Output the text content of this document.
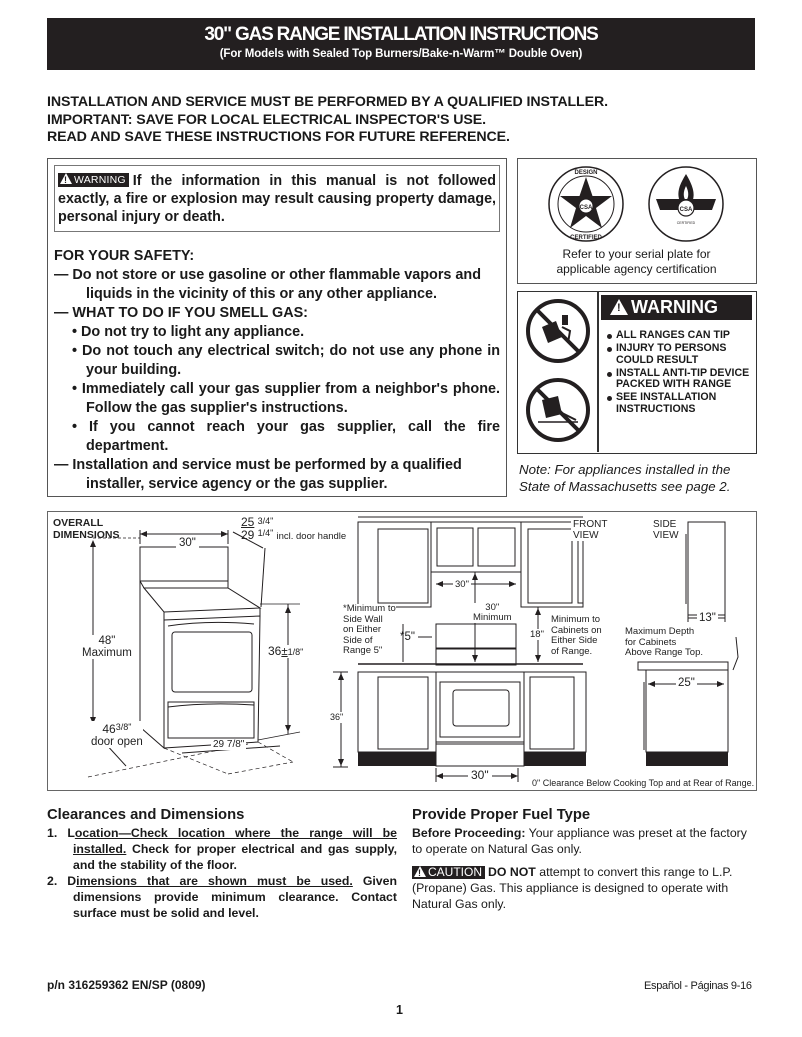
30" GAS RANGE INSTALLATION INSTRUCTIONS
(For Models with Sealed Top Burners/Bake-n-Warm™ Double Oven)
INSTALLATION AND SERVICE MUST BE PERFORMED BY A QUALIFIED INSTALLER.
IMPORTANT: SAVE FOR LOCAL ELECTRICAL INSPECTOR'S USE.
READ AND SAVE THESE INSTRUCTIONS FOR FUTURE REFERENCE.
!WARNING If the information in this manual is not followed exactly, a fire or explosion may result causing property damage, personal injury or death.
FOR YOUR SAFETY:
— Do not store or use gasoline or other flammable vapors and liquids in the vicinity of this or any other appliance.
— WHAT TO DO IF YOU SMELL GAS:
• Do not try to light any appliance.
• Do not touch any electrical switch; do not use any phone in your building.
• Immediately call your gas supplier from a neighbor's phone. Follow the gas supplier's instructions.
• If you cannot reach your gas supplier, call the fire department.
— Installation and service must be performed by a qualified installer, service agency or the gas supplier.
CSA
DESIGN
CERTIFIED
CSA
CERTIFIED
Refer to your serial plate for
applicable agency certification
!
WARNING
ALL RANGES CAN TIP
INJURY TO PERSONS COULD RESULT
INSTALL ANTI-TIP DEVICE PACKED WITH RANGE
SEE INSTALLATION INSTRUCTIONS
Note: For appliances installed in the State of Massachusetts see page 2.
OVERALL
DIMENSIONS
30"
25 3/4"
29 $^{1/4"}$ incl. door handle
48"
Maximum	36±1/8"
$46^{3/8"}$
door open	29 7/8"
FRONT
VIEW
SIDE
VIEW
30"
30"
Minimum
*Minimum to
Side Wall
on Either
Side of
Range 5"
*5"	18"
Minimum to
Cabinets on
Either Side
of Range.
13"
Maximum Depth
for Cabinets
Above Range Top.
25"
36"
30"
0" Clearance Below Cooking Top and at Rear of Range.
Clearances and Dimensions
1. Location—Check location where the range will be installed. Check for proper electrical and gas supply, and the stability of the floor.
2. Dimensions that are shown must be used. Given dimensions provide minimum clearance. Contact surface must be solid and level.
Provide Proper Fuel Type
Before Proceeding: Your appliance was preset at the factory to operate on Natural Gas only.
!CAUTION DO NOT attempt to convert this range to L.P. (Propane) Gas. This appliance is designed to operate with Natural Gas only.
p/n 316259362 EN/SP (0809)	Español - Páginas 9-16
1
